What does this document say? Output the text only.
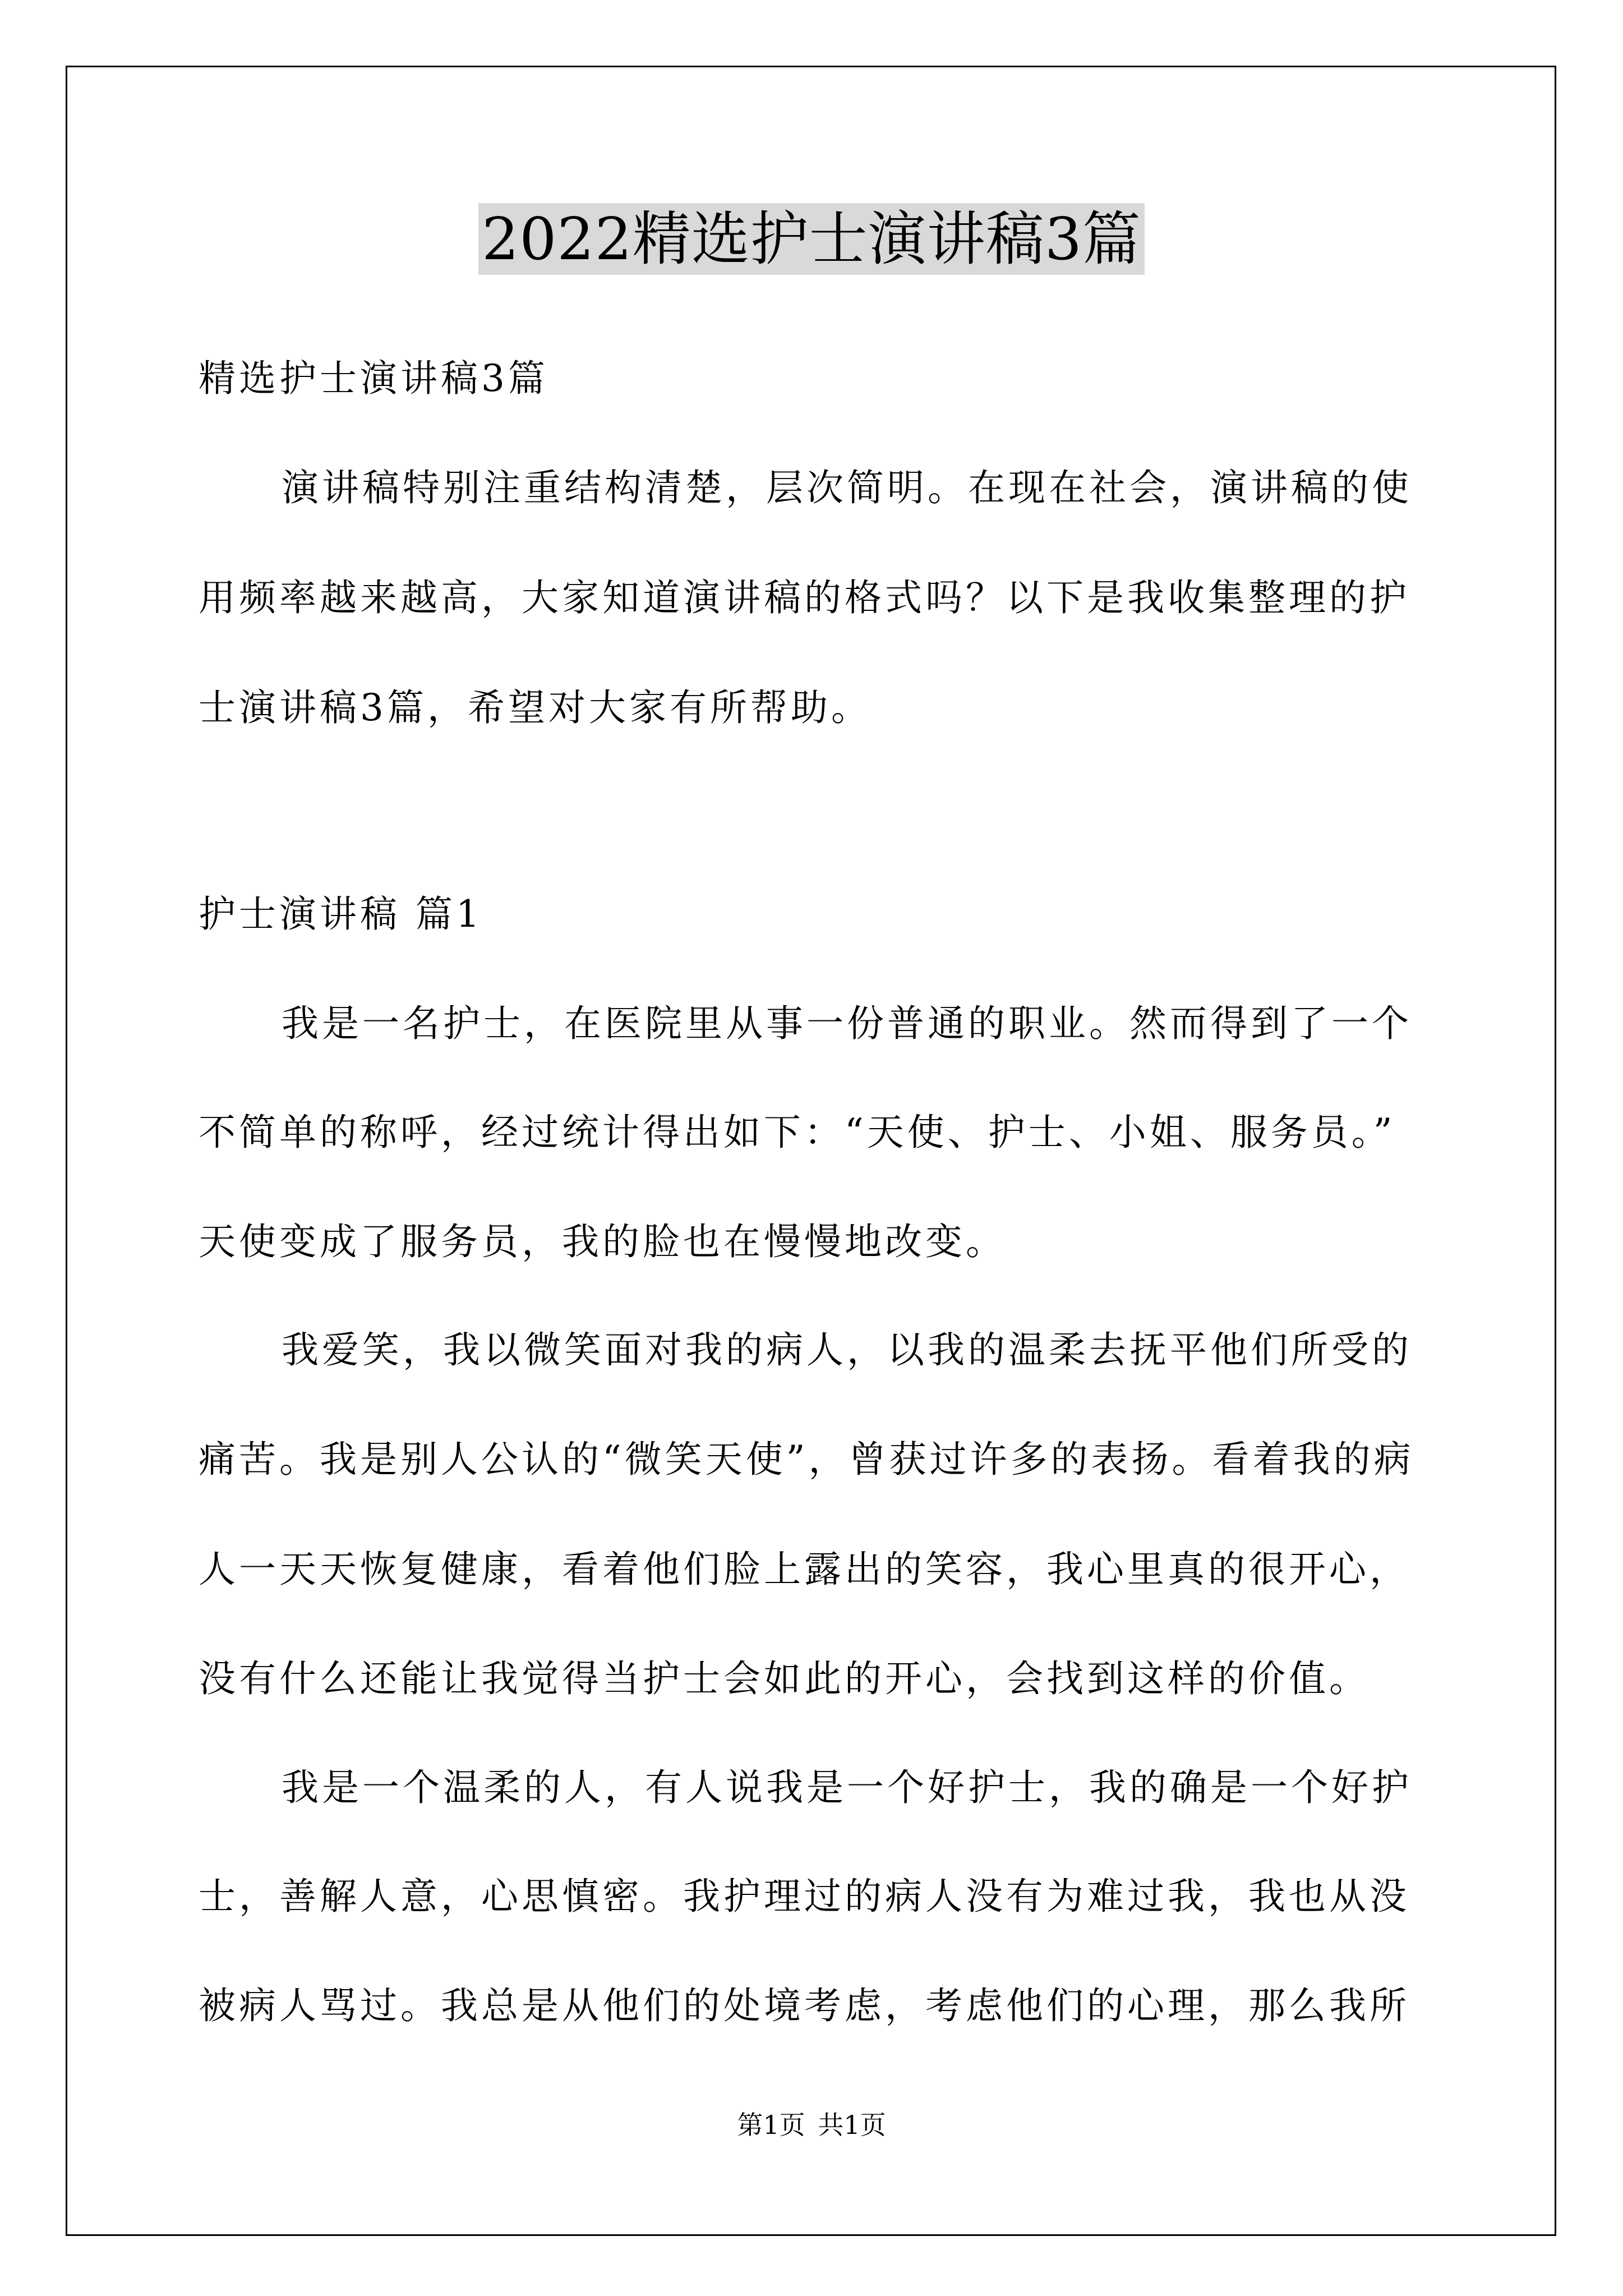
2022精选护士演讲稿3篇
精选护士演讲稿3篇
演讲稿特别注重结构清楚，层次简明。在现在社会，演讲稿的使
用频率越来越高，大家知道演讲稿的格式吗？以下是我收集整理的护
士演讲稿3篇，希望对大家有所帮助。
护士演讲稿 篇1
我是一名护士，在医院里从事一份普通的职业。然而得到了一个
不简单的称呼，经过统计得出如下：“天使、护士、小姐、服务员。”
天使变成了服务员，我的脸也在慢慢地改变。
我爱笑，我以微笑面对我的病人，以我的温柔去抚平他们所受的
痛苦。我是别人公认的“微笑天使”，曾获过许多的表扬。看着我的病
人一天天恢复健康，看着他们脸上露出的笑容，我心里真的很开心，
没有什么还能让我觉得当护士会如此的开心，会找到这样的价值。
我是一个温柔的人，有人说我是一个好护士，我的确是一个好护
士，善解人意，心思慎密。我护理过的病人没有为难过我，我也从没
被病人骂过。我总是从他们的处境考虑，考虑他们的心理，那么我所
第1页 共1页
